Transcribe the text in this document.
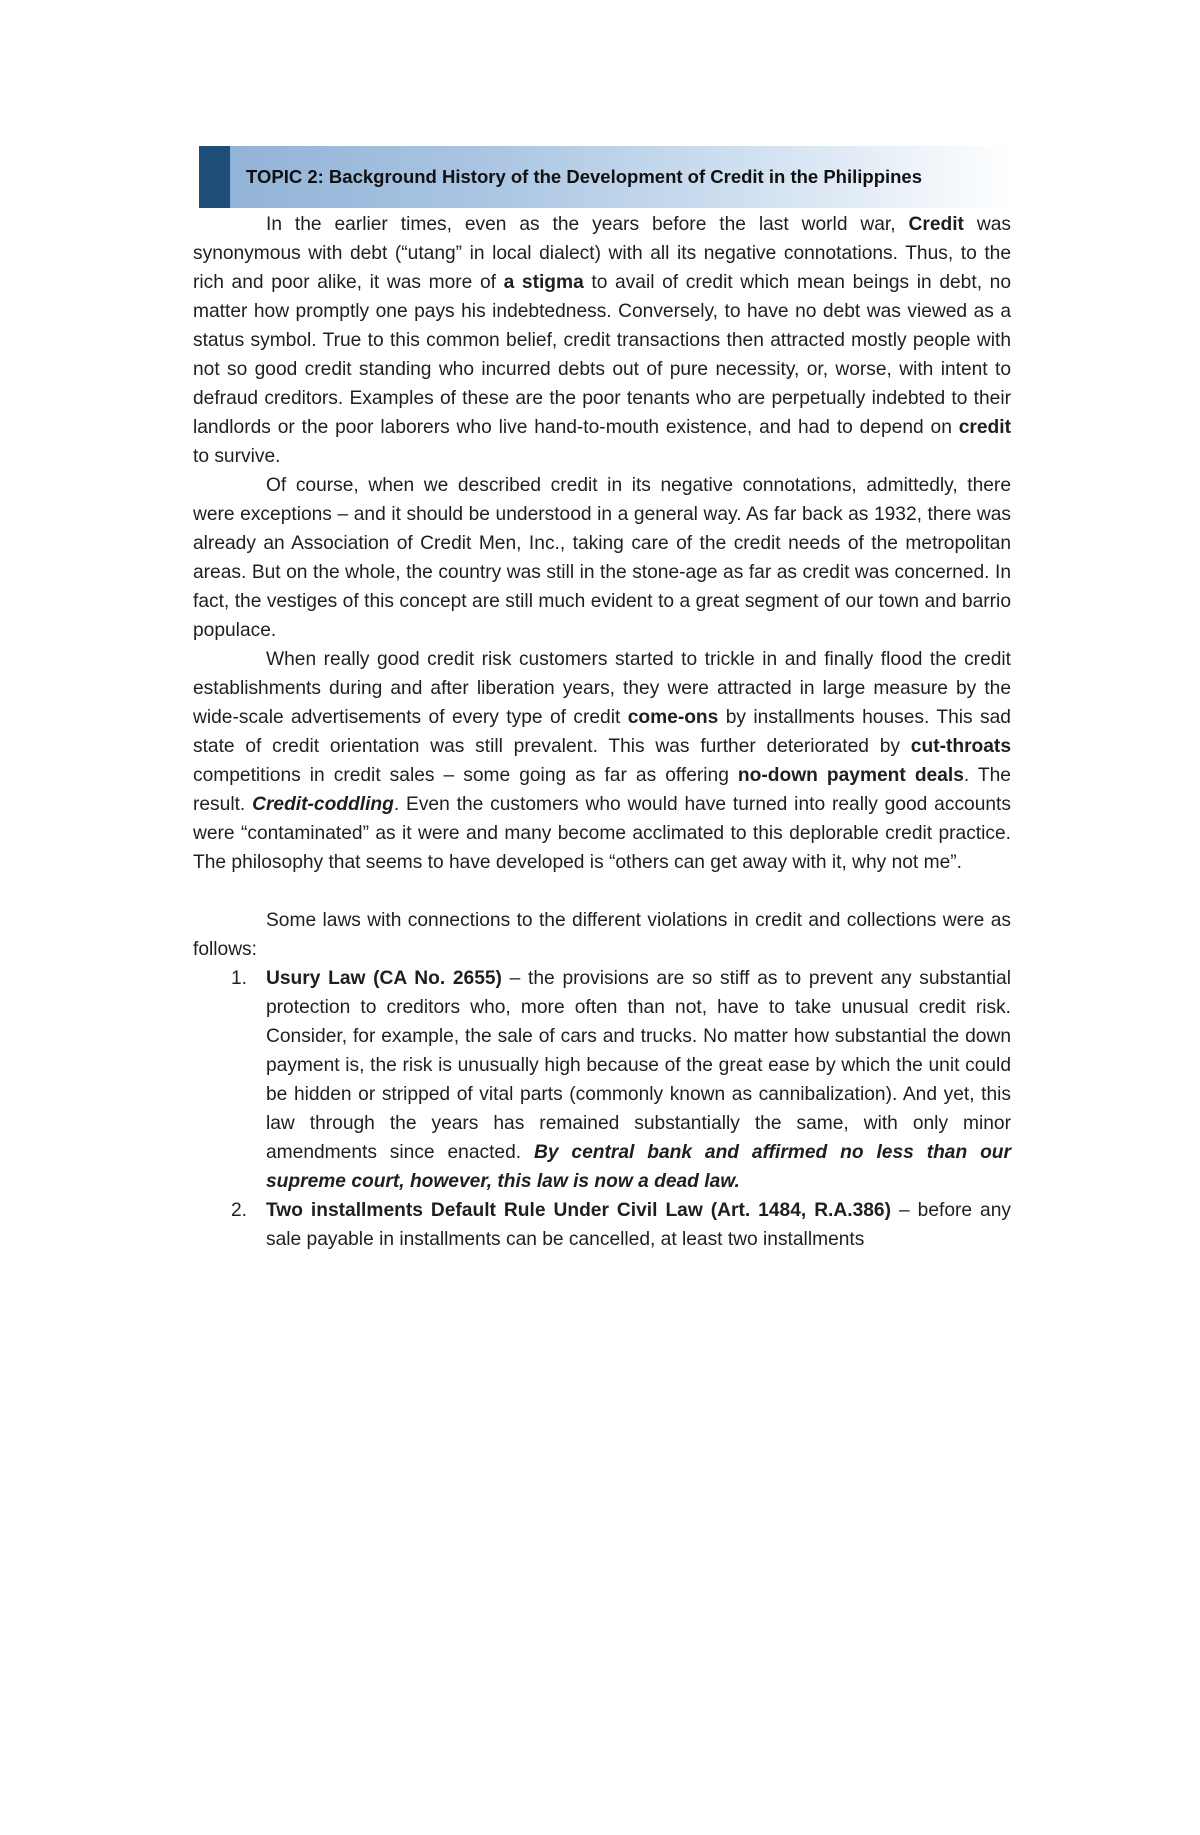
TOPIC 2: Background History of the Development of Credit in the Philippines

In the earlier times, even as the years before the last world war, Credit was synonymous with debt (“utang” in local dialect) with all its negative connotations. Thus, to the rich and poor alike, it was more of a stigma to avail of credit which mean beings in debt, no matter how promptly one pays his indebtedness. Conversely, to have no debt was viewed as a status symbol. True to this common belief, credit transactions then attracted mostly people with not so good credit standing who incurred debts out of pure necessity, or, worse, with intent to defraud creditors. Examples of these are the poor tenants who are perpetually indebted to their landlords or the poor laborers who live hand-to-mouth existence, and had to depend on credit to survive.

Of course, when we described credit in its negative connotations, admittedly, there were exceptions – and it should be understood in a general way. As far back as 1932, there was already an Association of Credit Men, Inc., taking care of the credit needs of the metropolitan areas. But on the whole, the country was still in the stone-age as far as credit was concerned. In fact, the vestiges of this concept are still much evident to a great segment of our town and barrio populace.

When really good credit risk customers started to trickle in and finally flood the credit establishments during and after liberation years, they were attracted in large measure by the wide-scale advertisements of every type of credit come-ons by installments houses. This sad state of credit orientation was still prevalent. This was further deteriorated by cut-throats competitions in credit sales – some going as far as offering no-down payment deals. The result. Credit-coddling. Even the customers who would have turned into really good accounts were “contaminated” as it were and many become acclimated to this deplorable credit practice. The philosophy that seems to have developed is “others can get away with it, why not me”.

Some laws with connections to the different violations in credit and collections were as follows:

1. Usury Law (CA No. 2655) – the provisions are so stiff as to prevent any substantial protection to creditors who, more often than not, have to take unusual credit risk. Consider, for example, the sale of cars and trucks. No matter how substantial the down payment is, the risk is unusually high because of the great ease by which the unit could be hidden or stripped of vital parts (commonly known as cannibalization). And yet, this law through the years has remained substantially the same, with only minor amendments since enacted. By central bank and affirmed no less than our supreme court, however, this law is now a dead law.
2. Two installments Default Rule Under Civil Law (Art. 1484, R.A.386) – before any sale payable in installments can be cancelled, at least two installments
